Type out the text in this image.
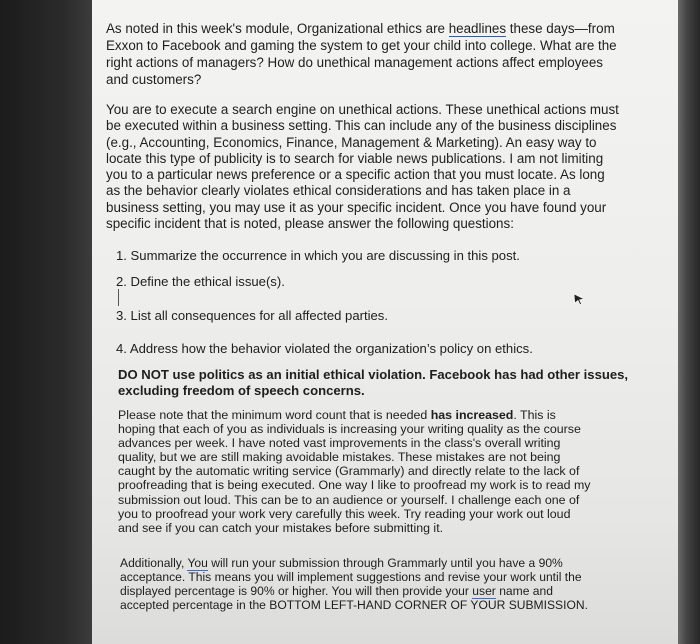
As noted in this week's module, Organizational ethics are headlines these days—from
Exxon to Facebook and gaming the system to get your child into college. What are the
right actions of managers? How do unethical management actions affect employees
and customers?

You are to execute a search engine on unethical actions. These unethical actions must
be executed within a business setting. This can include any of the business disciplines
(e.g., Accounting, Economics, Finance, Management & Marketing). An easy way to
locate this type of publicity is to search for viable news publications. I am not limiting
you to a particular news preference or a specific action that you must locate. As long
as the behavior clearly violates ethical considerations and has taken place in a
business setting, you may use it as your specific incident. Once you have found your
specific incident that is noted, please answer the following questions:

1. Summarize the occurrence in which you are discussing in this post.

2. Define the ethical issue(s).

3. List all consequences for all affected parties.

4. Address how the behavior violated the organization’s policy on ethics.

DO NOT use politics as an initial ethical violation. Facebook has had other issues,
excluding freedom of speech concerns.

Please note that the minimum word count that is needed has increased. This is
hoping that each of you as individuals is increasing your writing quality as the course
advances per week. I have noted vast improvements in the class's overall writing
quality, but we are still making avoidable mistakes. These mistakes are not being
caught by the automatic writing service (Grammarly) and directly relate to the lack of
proofreading that is being executed. One way I like to proofread my work is to read my
submission out loud. This can be to an audience or yourself. I challenge each one of
you to proofread your work very carefully this week. Try reading your work out loud
and see if you can catch your mistakes before submitting it.

Additionally, You will run your submission through Grammarly until you have a 90%
acceptance. This means you will implement suggestions and revise your work until the
displayed percentage is 90% or higher. You will then provide your user name and
accepted percentage in the BOTTOM LEFT-HAND CORNER OF YOUR SUBMISSION.
